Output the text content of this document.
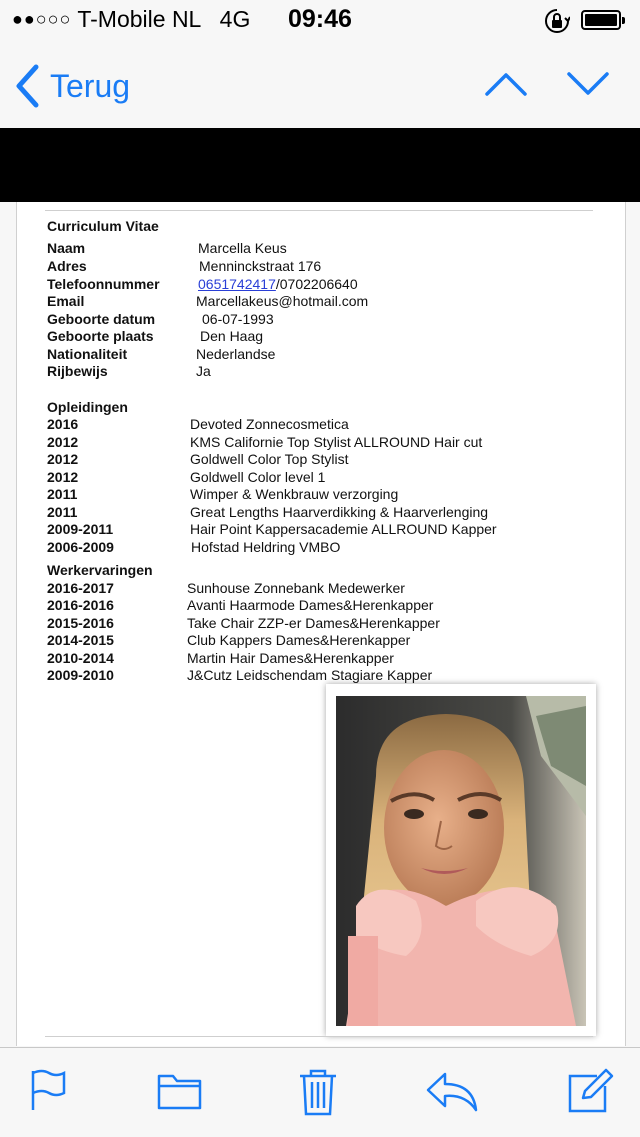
●●○○○ T-Mobile NL 4G 09:46
Terug
Curriculum Vitae
Naam	Marcella Keus
Adres	Menninckstraat 176
Telefoonnummer	0651742417/0702206640
Email	Marcellakeus@hotmail.com
Geboorte datum	06-07-1993
Geboorte plaats	Den Haag
Nationaliteit	Nederlandse
Rijbewijs	Ja
Opleidingen
2016	Devoted Zonnecosmetica
2012	KMS Californie Top Stylist ALLROUND Hair cut
2012	Goldwell Color Top Stylist
2012	Goldwell Color level 1
2011	Wimper & Wenkbrauw verzorging
2011	Great Lengths Haarverdikking & Haarverlenging
2009-2011	Hair Point Kappersacademie ALLROUND Kapper
2006-2009	Hofstad Heldring VMBO
Werkervaringen
2016-2017	Sunhouse Zonnebank Medewerker
2016-2016	Avanti Haarmode Dames&Herenkapper
2015-2016	Take Chair ZZP-er Dames&Herenkapper
2014-2015	Club Kappers Dames&Herenkapper
2010-2014	Martin Hair Dames&Herenkapper
2009-2010	J&Cutz Leidschendam Stagiare Kapper
